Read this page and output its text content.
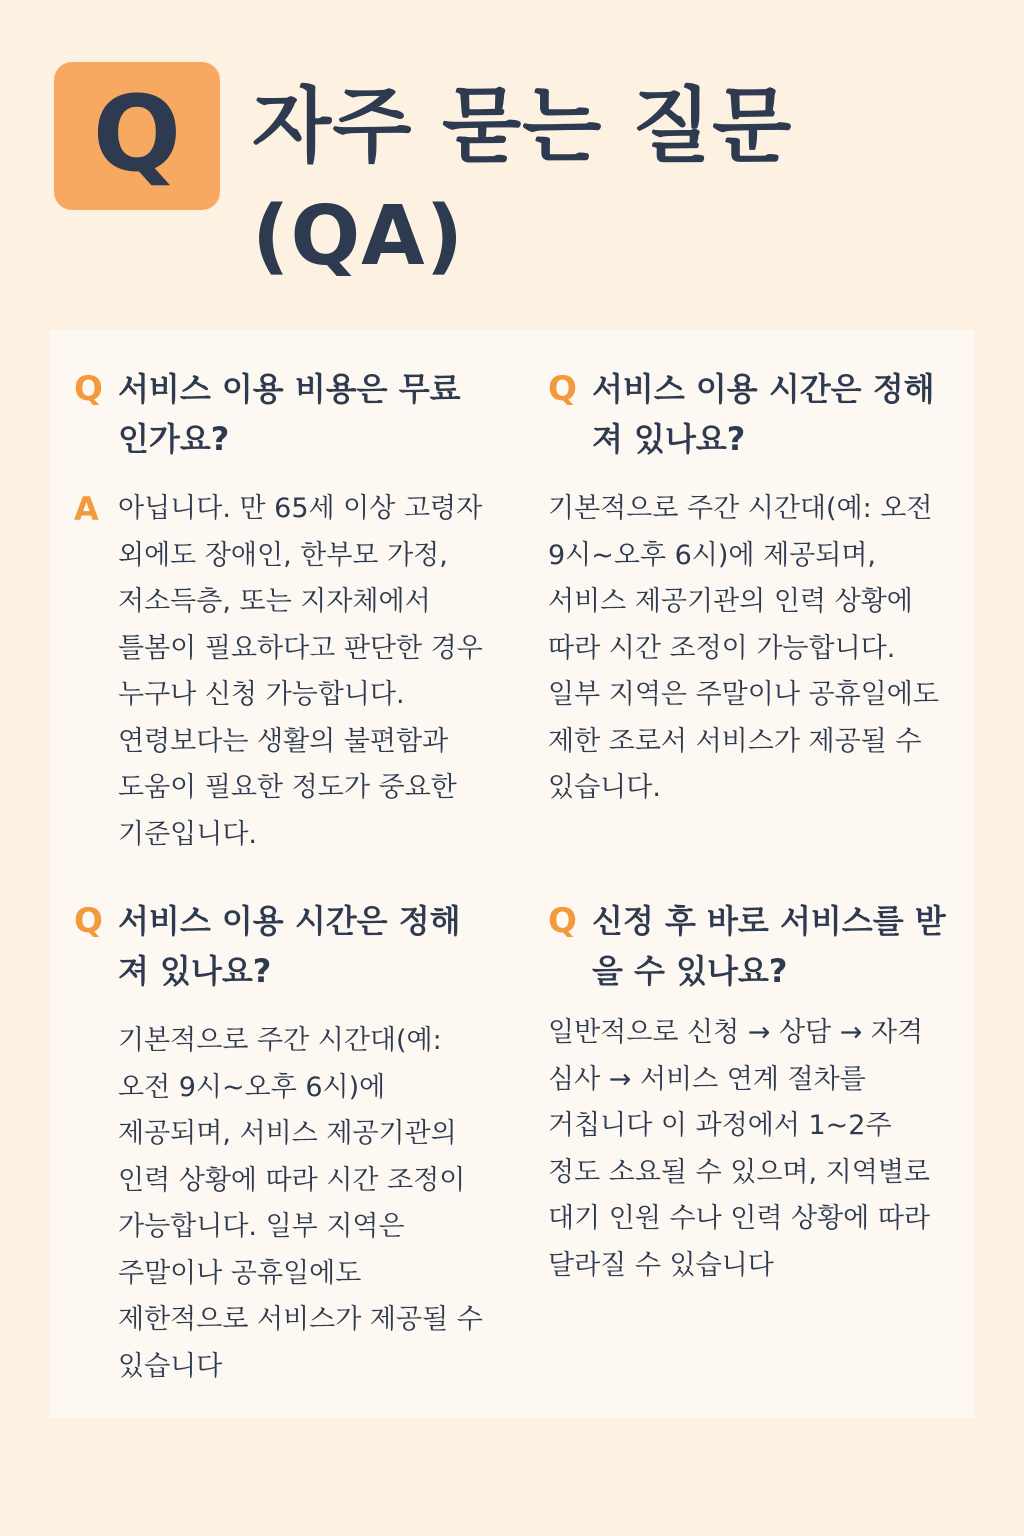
Q 자주 묻는 질문 (QA)
Q 서비스 이용 비용은 무료인가요?
A 아닙니다. 만 65세 이상 고령자 외에도 장애인, 한부모 가정, 저소득층, 또는 지자체에서 틀봄이 필요하다고 판단한 경우 누구나 신청 가능합니다. 연령보다는 생활의 불편함과 도움이 필요한 정도가 중요한 기준입니다.
Q 서비스 이용 시간은 정해져 있나요?
기본적으로 주간 시간대(예: 오전 9시~오후 6시)에 제공되며, 서비스 제공기관의 인력 상황에 따라 시간 조정이 가능합니다. 일부 지역은 주말이나 공휴일에도 제한 조로서 서비스가 제공될 수 있습니다.
Q 서비스 이용 시간은 정해져 있나요?
기본적으로 주간 시간대(예: 오전 9시~오후 6시)에 제공되며, 서비스 제공기관의 인력 상황에 따라 시간 조정이 가능합니다. 일부 지역은 주말이나 공휴일에도 제한적으로 서비스가 제공될 수 있습니다
Q 신정 후 바로 서비스를 받을 수 있나요?
일반적으로 신청 → 상담 → 자격 심사 → 서비스 연계 절차를 거칩니다 이 과정에서 1~2주 정도 소요될 수 있으며, 지역별로 대기 인원 수나 인력 상황에 따라 달라질 수 있습니다
